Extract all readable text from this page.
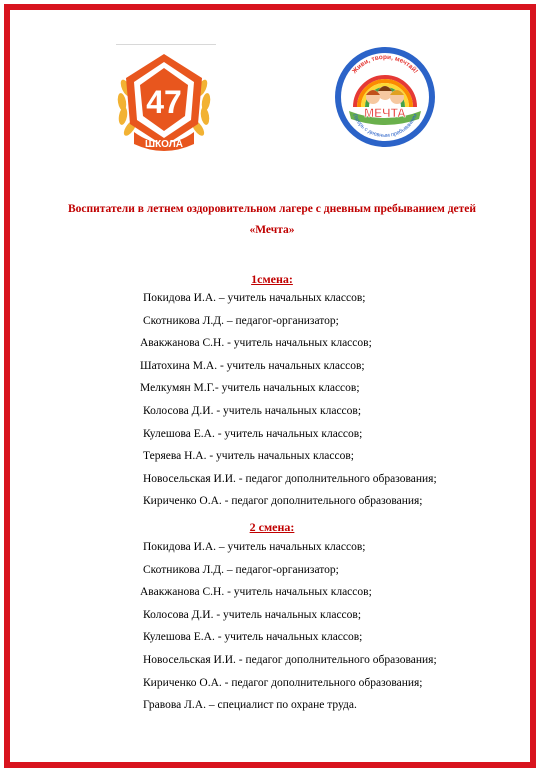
47
ШКОЛА
Живи, твори, мечтай!
МЕЧТА
Лагерь с дневным пребыванием
Воспитатели в летнем оздоровительном лагере с дневным пребыванием детей
«Мечта»
1смена:
Покидова И.А. – учитель начальных классов;
Скотникова Л.Д. – педагог-организатор;
Авакжанова С.Н. - учитель начальных классов;
Шатохина М.А. - учитель начальных классов;
Мелкумян М.Г.- учитель начальных классов;
Колосова Д.И. - учитель начальных классов;
Кулешова Е.А. - учитель начальных классов;
Теряева Н.А. - учитель начальных классов;
Новосельская И.И. - педагог дополнительного образования;
Кириченко О.А. - педагог дополнительного образования;
2 смена:
Покидова И.А. – учитель начальных классов;
Скотникова Л.Д. – педагог-организатор;
Авакжанова С.Н. - учитель начальных классов;
Колосова Д.И. - учитель начальных классов;
Кулешова Е.А. - учитель начальных классов;
Новосельская И.И. - педагог дополнительного образования;
Кириченко О.А. - педагог дополнительного образования;
Гравова Л.А. – специалист по охране труда.
